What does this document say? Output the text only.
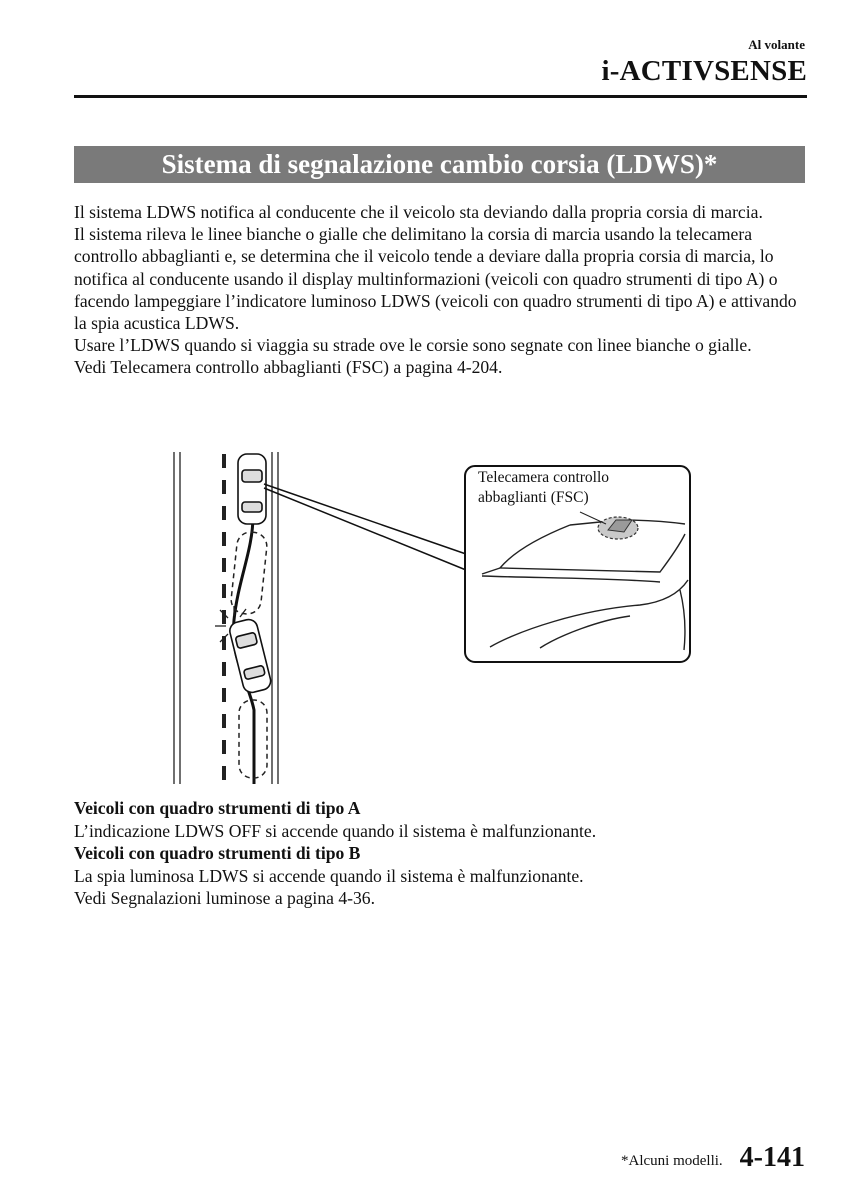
Al volante
i-ACTIVSENSE
Sistema di segnalazione cambio corsia (LDWS)*

Il sistema LDWS notifica al conducente che il veicolo sta deviando dalla propria corsia di marcia.

Il sistema rileva le linee bianche o gialle che delimitano la corsia di marcia usando la telecamera controllo abbaglianti e, se determina che il veicolo tende a deviare dalla propria corsia di marcia, lo notifica al conducente usando il display multinformazioni (veicoli con quadro strumenti di tipo A) o facendo lampeggiare l’indicatore luminoso LDWS (veicoli con quadro strumenti di tipo A) e attivando la spia acustica LDWS.

Usare l’LDWS quando si viaggia su strade ove le corsie sono segnate con linee bianche o gialle.

Vedi Telecamera controllo abbaglianti (FSC) a pagina 4-204.

Telecamera controllo
abbaglianti (FSC)

Veicoli con quadro strumenti di tipo A

L’indicazione LDWS OFF si accende quando il sistema è malfunzionante.

Veicoli con quadro strumenti di tipo B

La spia luminosa LDWS si accende quando il sistema è malfunzionante.

Vedi Segnalazioni luminose a pagina 4-36.

*Alcuni modelli. 4-141
